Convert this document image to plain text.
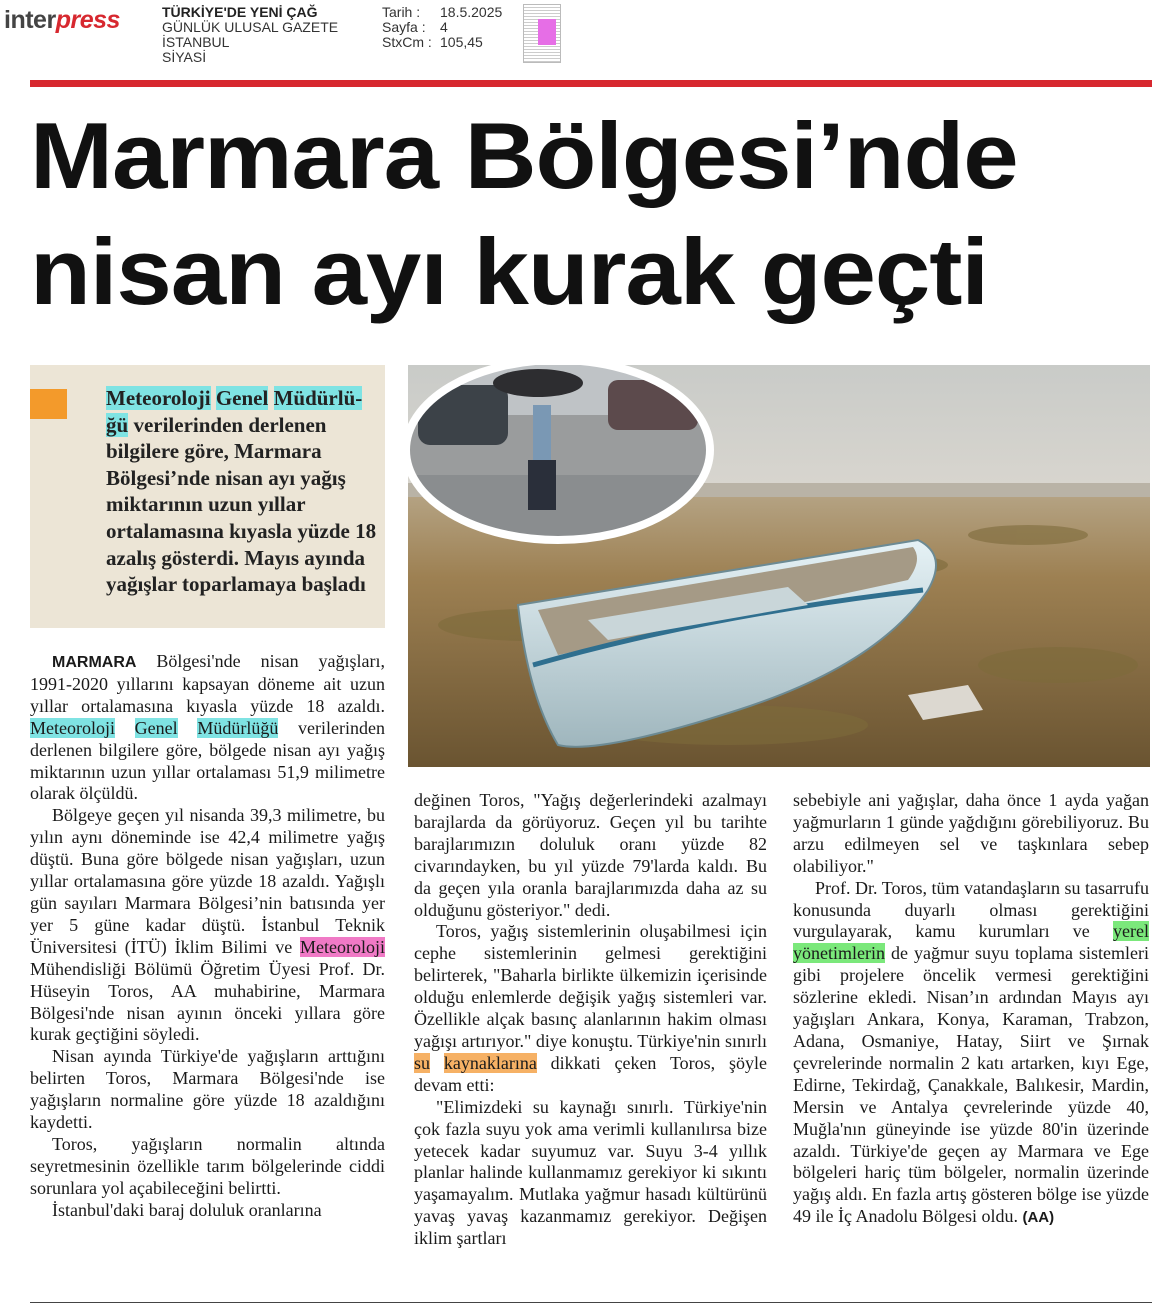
interpress	TÜRKİYE'DE YENİ ÇAĞ
GÜNLÜK ULUSAL GAZETE
İSTANBUL
SİYASİ
Tarih : 18.5.2025
Sayfa : 4
StxCm : 105,45
Marmara Bölgesi’nde
nisan ayı kurak geçti
Meteoroloji Genel Müdürlü-
ğü verilerinden derlenen bilgilere göre, Marmara Bölgesi’nde nisan ayı yağış miktarının uzun yıllar ortalamasına kıyasla yüzde 18 azalış gösterdi. Mayıs ayında yağışlar toparlamaya başladı

MARMARA Bölgesi'nde nisan yağışları, 1991-2020 yıllarını kapsayan döneme ait uzun yıllar ortalamasına kıyasla yüzde 18 azaldı. Meteoroloji Genel Müdürlüğü verilerinden derlenen bilgilere göre, bölgede nisan ayı yağış miktarının uzun yıllar ortalaması 51,9 milimetre olarak ölçüldü.

Bölgeye geçen yıl nisanda 39,3 milimetre, bu yılın aynı döneminde ise 42,4 milimetre yağış düştü. Buna göre bölgede nisan yağışları, uzun yıllar ortalamasına göre yüzde 18 azaldı. Yağışlı gün sayıları Marmara Bölgesi’nin batısında yer yer 5 güne kadar düştü. İstanbul Teknik Üniversitesi (İTÜ) İklim Bilimi ve Meteoroloji Mühendisliği Bölümü Öğretim Üyesi Prof. Dr. Hüseyin Toros, AA muhabirine, Marmara Bölgesi'nde nisan ayının önceki yıllara göre kurak geçtiğini söyledi.

Nisan ayında Türkiye'de yağışların arttığını belirten Toros, Marmara Bölgesi'nde ise yağışların normaline göre yüzde 18 azaldığını kaydetti.

Toros, yağışların normalin altında seyretmesinin özellikle tarım bölgelerinde ciddi sorunlara yol açabileceğini belirtti.

İstanbul'daki baraj doluluk oranlarına

değinen Toros, "Yağış değerlerindeki azalmayı barajlarda da görüyoruz. Geçen yıl bu tarihte barajlarımızın doluluk oranı yüzde 82 civarındayken, bu yıl yüzde 79'larda kaldı. Bu da geçen yıla oranla barajlarımızda daha az su olduğunu gösteriyor." dedi.

Toros, yağış sistemlerinin oluşabilmesi için cephe sistemlerinin gelmesi gerektiğini belirterek, "Baharla birlikte ülkemizin içerisinde olduğu enlemlerde değişik yağış sistemleri var. Özellikle alçak basınç alanlarının hakim olması yağışı artırıyor." diye konuştu. Türkiye'nin sınırlı su kaynaklarına dikkati çeken Toros, şöyle devam etti:

"Elimizdeki su kaynağı sınırlı. Türkiye'nin çok fazla suyu yok ama verimli kullanılırsa bize yetecek kadar suyumuz var. Suyu 3-4 yıllık planlar halinde kullanmamız gerekiyor ki sıkıntı yaşamayalım. Mutlaka yağmur hasadı kültürünü yavaş yavaş kazanmamız gerekiyor. Değişen iklim şartları

sebebiyle ani yağışlar, daha önce 1 ayda yağan yağmurların 1 günde yağdığını görebiliyoruz. Bu arzu edilmeyen sel ve taşkınlara sebep olabiliyor."

Prof. Dr. Toros, tüm vatandaşların su tasarrufu konusunda duyarlı olması gerektiğini vurgulayarak, kamu kurumları ve yerel yönetimlerin de yağmur suyu toplama sistemleri gibi projelere öncelik vermesi gerektiğini sözlerine ekledi. Nisan’ın ardından Mayıs ayı yağışları Ankara, Konya, Karaman, Trabzon, Adana, Osmaniye, Hatay, Siirt ve Şırnak çevrelerinde normalin 2 katı artarken, kıyı Ege, Edirne, Tekirdağ, Çanakkale, Balıkesir, Mardin, Mersin ve Antalya çevrelerinde yüzde 40, Muğla'nın güneyinde ise yüzde 80'in üzerinde azaldı. Türkiye'de geçen ay Marmara ve Ege bölgeleri hariç tüm bölgeler, normalin üzerinde yağış aldı. En fazla artış gösteren bölge ise yüzde 49 ile İç Anadolu Bölgesi oldu. (AA)
